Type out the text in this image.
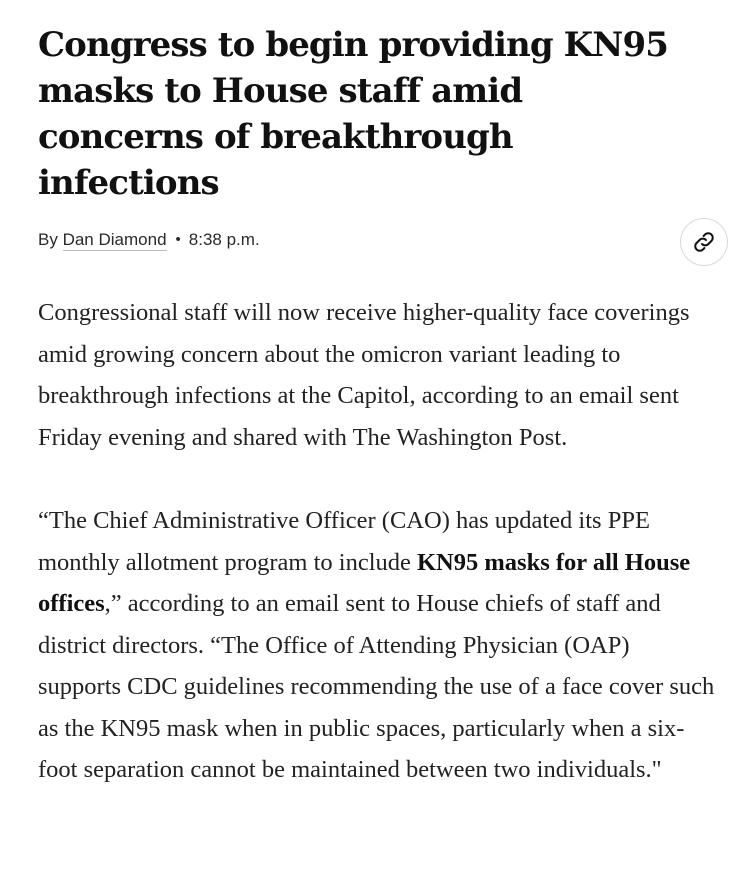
Congress to begin providing KN95 masks to House staff amid concerns of breakthrough infections
By Dan Diamond • 8:38 p.m.

Congressional staff will now receive higher-quality face coverings amid growing concern about the omicron variant leading to breakthrough infections at the Capitol, according to an email sent Friday evening and shared with The Washington Post.

“The Chief Administrative Officer (CAO) has updated its PPE monthly allotment program to include KN95 masks for all House offices,” according to an email sent to House chiefs of staff and district directors. “The Office of Attending Physician (OAP) supports CDC guidelines recommending the use of a face cover such as the KN95 mask when in public spaces, particularly when a six-foot separation cannot be maintained between two individuals."
